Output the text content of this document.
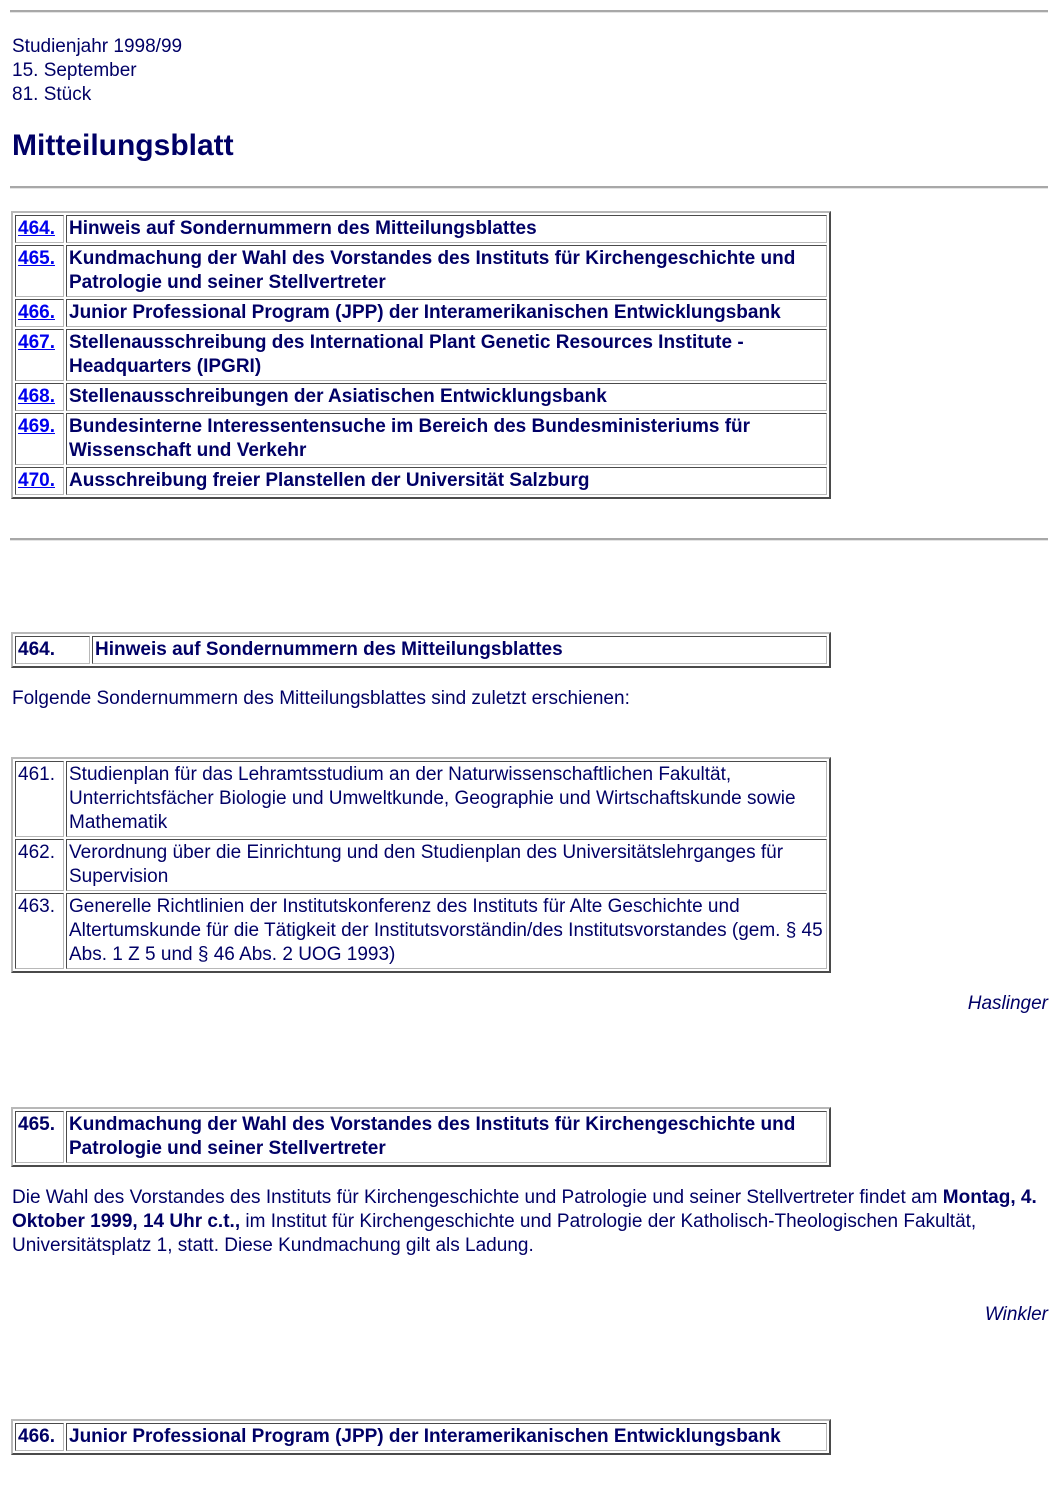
Studienjahr 1998/99
15. September
81. Stück
Mitteilungsblatt
464.	Hinweis auf Sondernummern des Mitteilungsblattes
465.	Kundmachung der Wahl des Vorstandes des Instituts für Kirchengeschichte und Patrologie und seiner Stellvertreter
466.	Junior Professional Program (JPP) der Interamerikanischen Entwicklungsbank
467.	Stellenausschreibung des International Plant Genetic Resources Institute - Headquarters (IPGRI)
468.	Stellenausschreibungen der Asiatischen Entwicklungsbank
469.	Bundesinterne Interessentensuche im Bereich des Bundesministeriums für Wissenschaft und Verkehr
470.	Ausschreibung freier Planstellen der Universität Salzburg
464.	Hinweis auf Sondernummern des Mitteilungsblattes

Folgende Sondernummern des Mitteilungsblattes sind zuletzt erschienen:

461.	Studienplan für das Lehramtsstudium an der Naturwissenschaftlichen Fakultät, Unterrichtsfächer Biologie und Umweltkunde, Geographie und Wirtschaftskunde sowie Mathematik
462.	Verordnung über die Einrichtung und den Studienplan des Universitätslehrganges für Supervision
463.	Generelle Richtlinien der Institutskonferenz des Instituts für Alte Geschichte und Altertumskunde für die Tätigkeit der Institutsvorständin/des Institutsvorstandes (gem. § 45 Abs. 1 Z 5 und § 46 Abs. 2 UOG 1993)
Haslinger
465.	Kundmachung der Wahl des Vorstandes des Instituts für Kirchengeschichte und Patrologie und seiner Stellvertreter

Die Wahl des Vorstandes des Instituts für Kirchengeschichte und Patrologie und seiner Stellvertreter findet am Montag, 4. Oktober 1999, 14 Uhr c.t., im Institut für Kirchengeschichte und Patrologie der Katholisch-Theologischen Fakultät, Universitätsplatz 1, statt. Diese Kundmachung gilt als Ladung.

Winkler
466.	Junior Professional Program (JPP) der Interamerikanischen Entwicklungsbank
